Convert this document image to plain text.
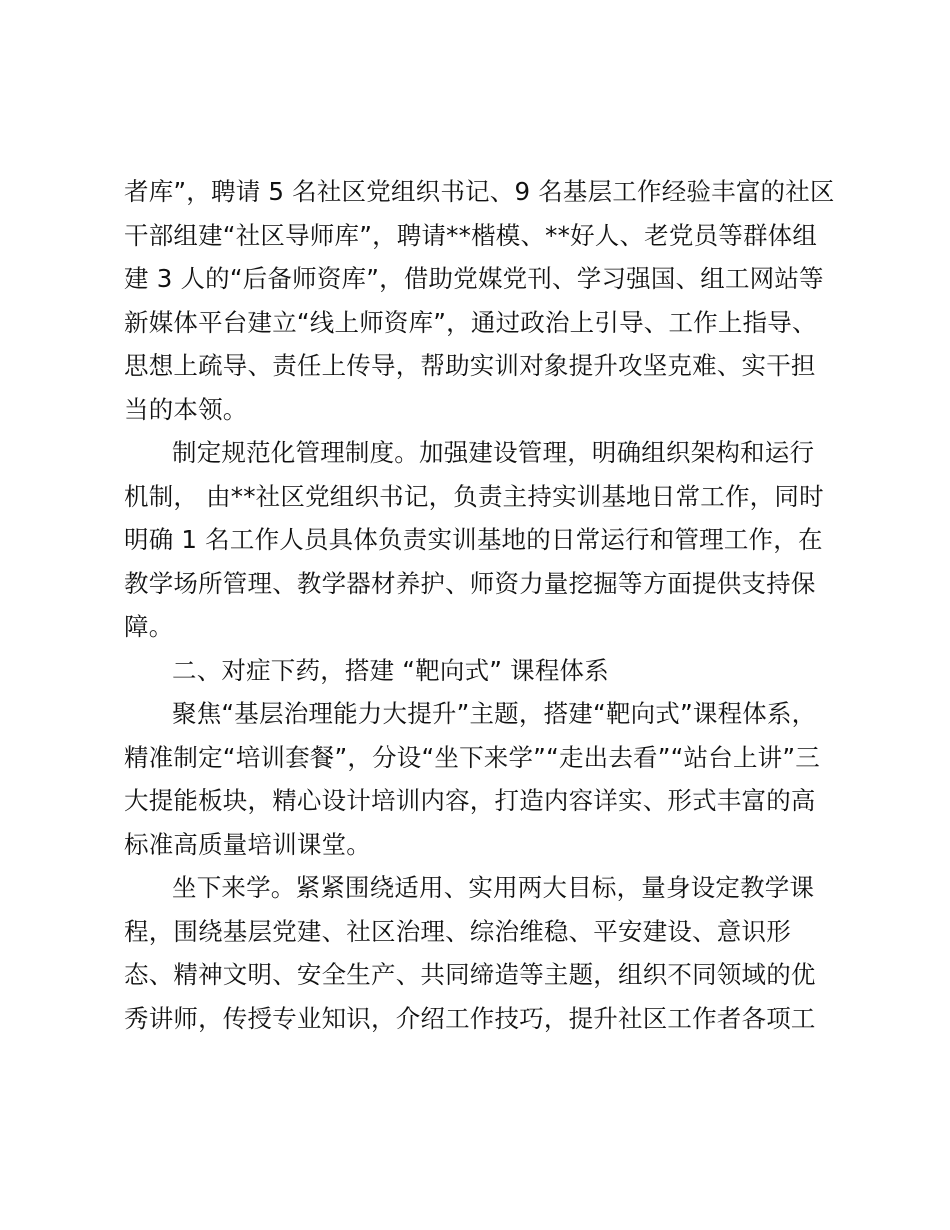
者库”，聘请 5 名社区党组织书记、9 名基层工作经验丰富的社区
干部组建“社区导师库”，聘请**楷模、**好人、老党员等群体组
建 3 人的“后备师资库”，借助党媒党刊、学习强国、组工网站等
新媒体平台建立“线上师资库”，通过政治上引导、工作上指导、
思想上疏导、责任上传导，帮助实训对象提升攻坚克难、实干担
当的本领。
制定规范化管理制度。加强建设管理，明确组织架构和运行
机制， 由**社区党组织书记，负责主持实训基地日常工作，同时
明确 1 名工作人员具体负责实训基地的日常运行和管理工作，在
教学场所管理、教学器材养护、师资力量挖掘等方面提供支持保
障。
二、对症下药，搭建 “靶向式” 课程体系
聚焦“基层治理能力大提升”主题，搭建“靶向式”课程体系，
精准制定“培训套餐”，分设“坐下来学”“走出去看”“站台上讲”三
大提能板块，精心设计培训内容，打造内容详实、形式丰富的高
标准高质量培训课堂。
坐下来学。紧紧围绕适用、实用两大目标，量身设定教学课
程，围绕基层党建、社区治理、综治维稳、平安建设、意识形
态、精神文明、安全生产、共同缔造等主题，组织不同领域的优
秀讲师，传授专业知识，介绍工作技巧，提升社区工作者各项工
